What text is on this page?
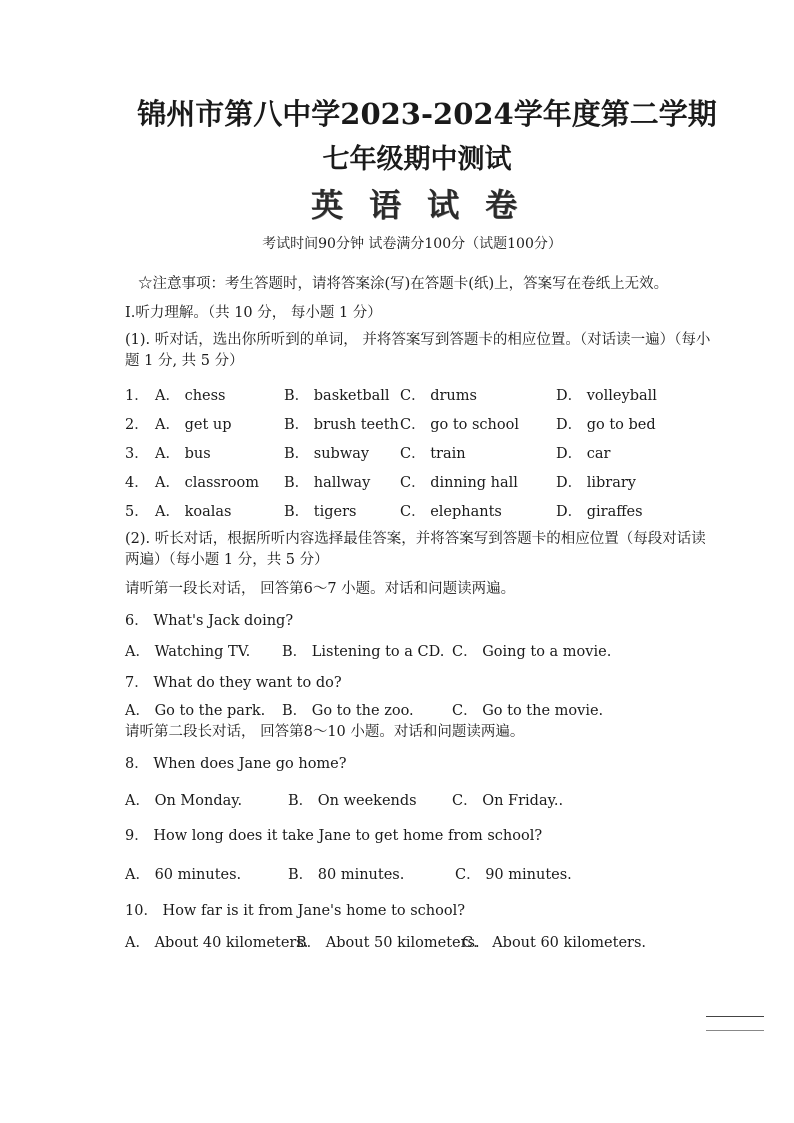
锦州市第八中学2023-2024学年度第二学期
七年级期中测试
英语试卷
考试时间90分钟 试卷满分100分（试题100分）
☆注意事项：考生答题时，请将答案涂(写)在答题卡(纸)上，答案写在卷纸上无效。
I.听力理解。（共 10 分， 每小题 1 分）
(1). 听对话，选出你所听到的单词， 并将答案写到答题卡的相应位置。（对话读一遍）（每小题 1 分, 共 5 分）
1． A． chess	B． basketball C． drums	D． volleyball
2． A． get up	B． brush teeth C． go to school	D． go to bed
3． A． bus	B． subway C． train	D． car
4． A． classroom B． hallway C． dinning hall	D． library
5． A． koalas	B． tigers	C． elephants	D． giraffes
(2). 听长对话，根据所听内容选择最佳答案，并将答案写到答题卡的相应位置（每段对话读两遍）（每小题 1 分，共 5 分）
请听第一段长对话， 回答第6～7 小题。对话和问题读两遍。
6． What's Jack doing?
A． Watching TV. B． Listening to a CD. C． Going to a movie.
7． What do they want to do?
A． Go to the park. B． Go to the zoo.	C． Go to the movie.
请听第二段长对话， 回答第8～10 小题。对话和问题读两遍。
8． When does Jane go home?
A． On Monday.	B． On weekends C． On Friday..
9． How long does it take Jane to get home from school?
A． 60 minutes.	B． 80 minutes.	C． 90 minutes.
10． How far is it from Jane's home to school?
A． About 40 kilometers.
B． About 50 kilometers.
C． About 60 kilometers.
